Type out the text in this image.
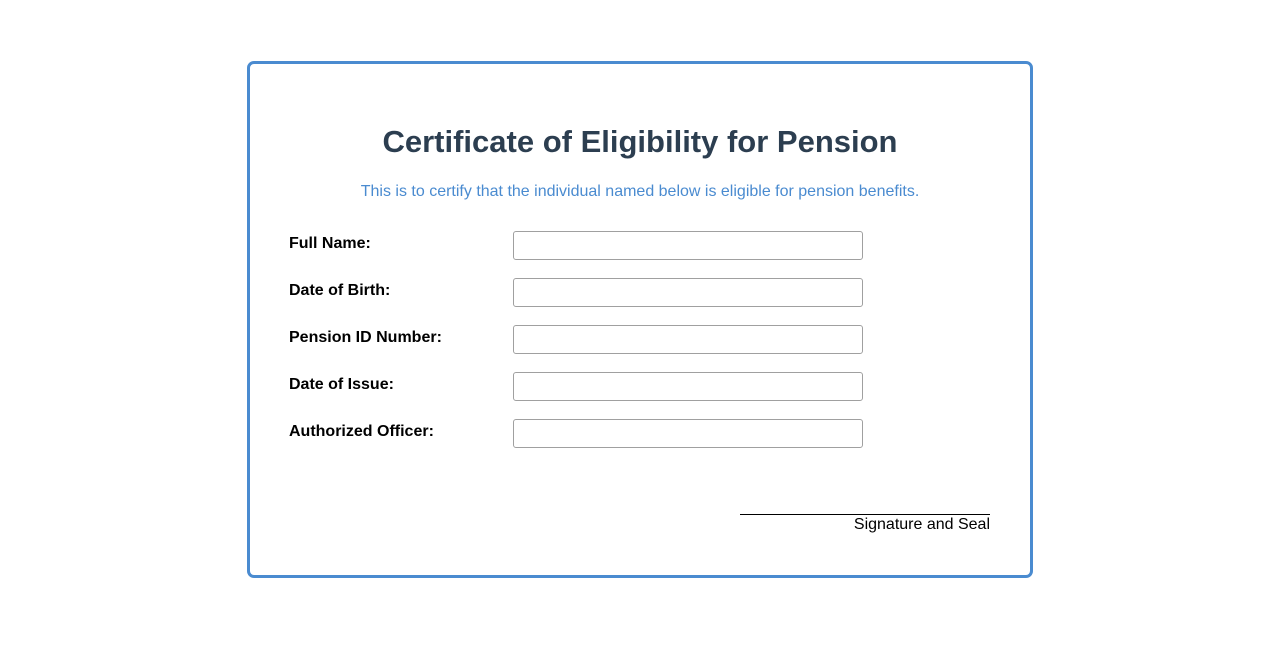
Certificate of Eligibility for Pension

This is to certify that the individual named below is eligible for pension benefits.

Full Name:
Date of Birth:
Pension ID Number:
Date of Issue:
Authorized Officer:
Signature and Seal
